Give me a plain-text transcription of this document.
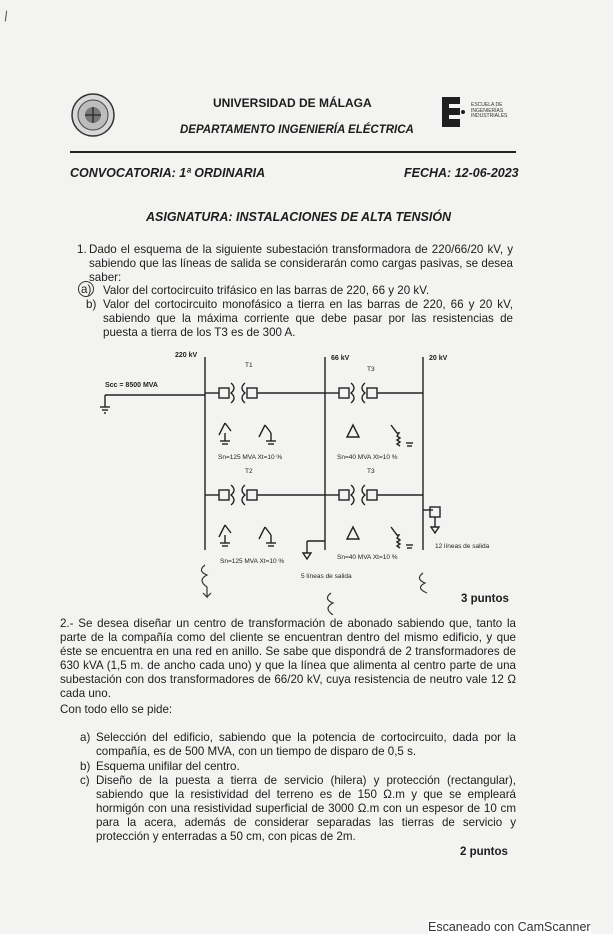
/
ESCUELA DE
INGENIERÍAS
INDUSTRIALES
UNIVERSIDAD DE MÁLAGA
DEPARTAMENTO INGENIERÍA ELÉCTRICA
CONVOCATORIA: 1ª ORDINARIA	FECHA: 12-06-2023
ASIGNATURA: INSTALACIONES DE ALTA TENSIÓN
1. Dado el esquema de la siguiente subestación transformadora de 220/66/20 kV, y sabiendo que las líneas de salida se considerarán como cargas pasivas, se desea saber:
a) Valor del cortocircuito trifásico en las barras de 220, 66 y 20 kV.
b) Valor del cortocircuito monofásico a tierra en las barras de 220, 66 y 20 kV, sabiendo que la máxima corriente que debe pasar por las resistencias de puesta a tierra de los T3 es de 300 A.
220 kV	66 kV	20 kV
Scc = 8500 MVA
T1
T3
T2	T3
Sn=125 MVA Xt=10 %	Sn=40 MVA Xt=10 %
Sn=125 MVA Xt=10 %
Sn=40 MVA Xt=10 %
5 líneas de salida
12 líneas de salida
3 puntos
2.- Se desea diseñar un centro de transformación de abonado sabiendo que, tanto la parte de la compañía como del cliente se encuentran dentro del mismo edificio, y que éste se encuentra en una red en anillo. Se sabe que dispondrá de 2 transformadores de 630 kVA (1,5 m. de ancho cada uno) y que la línea que alimenta al centro parte de una subestación con dos transformadores de 66/20 kV, cuya resistencia de neutro vale 12 Ω cada uno.
Con todo ello se pide:
a) Selección del edificio, sabiendo que la potencia de cortocircuito, dada por la compañía, es de 500 MVA, con un tiempo de disparo de 0,5 s.
b) Esquema unifilar del centro.
c) Diseño de la puesta a tierra de servicio (hilera) y protección (rectangular), sabiendo que la resistividad del terreno es de 150 Ω.m y que se empleará hormigón con una resistividad superficial de 3000 Ω.m con un espesor de 10 cm para la acera, además de considerar separadas las tierras de servicio y protección y enterradas a 50 cm, con picas de 2m.
2 puntos
Escaneado con CamScanner
